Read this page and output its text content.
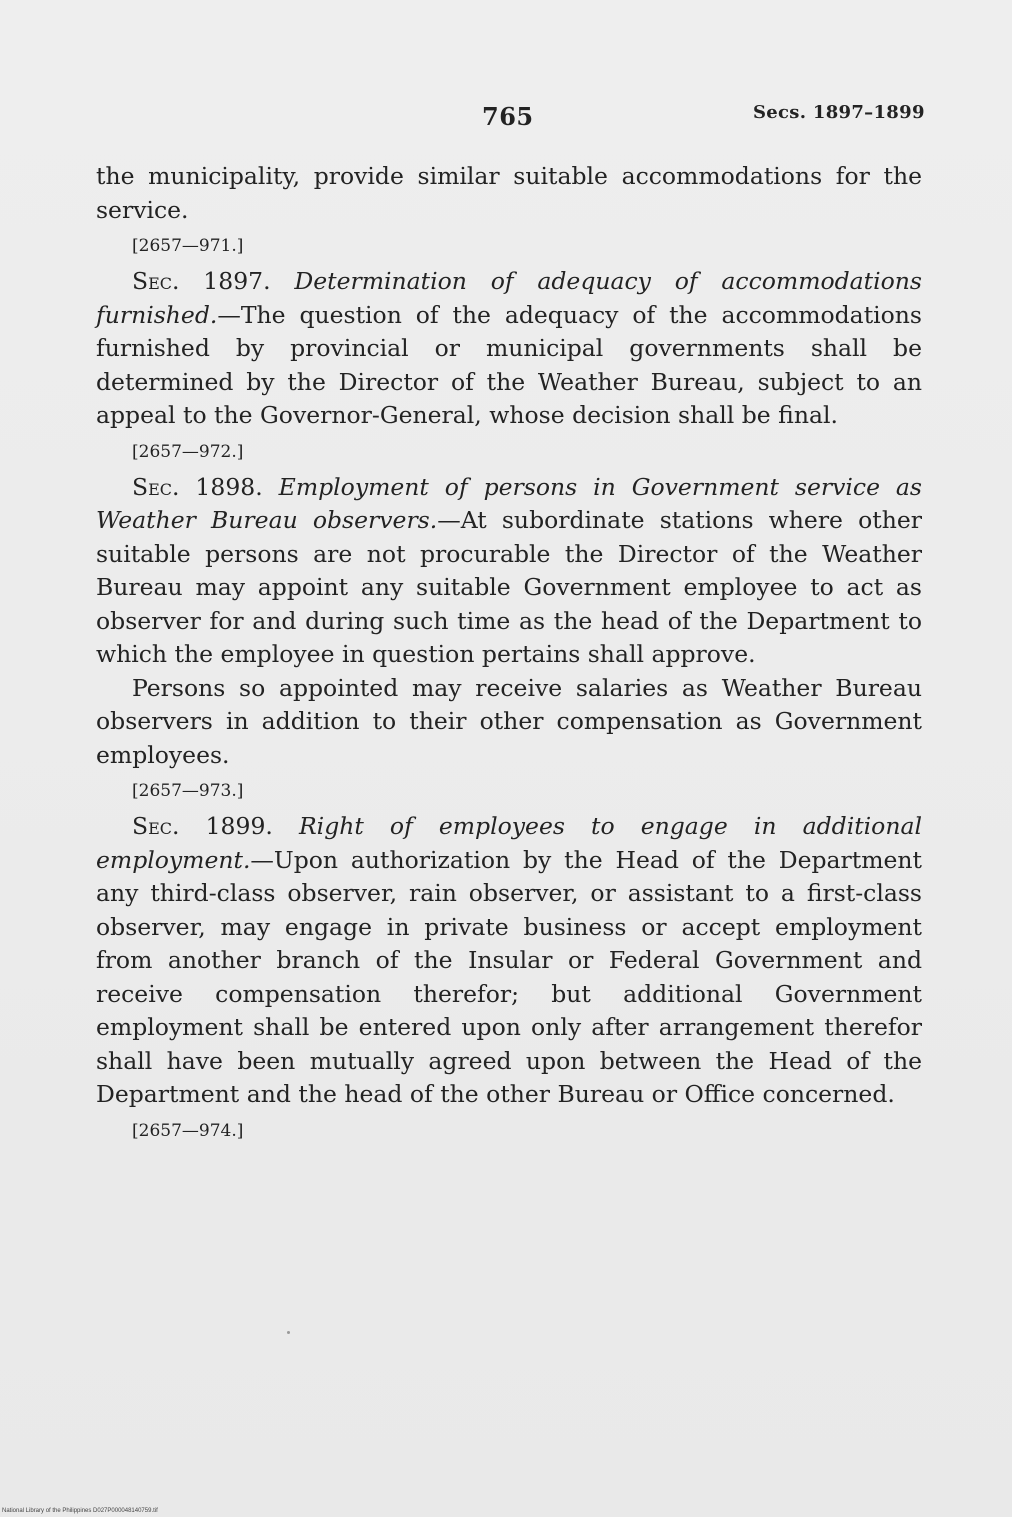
765	Secs. 1897–1899

the municipality, provide similar suitable accommodations for the service.

[2657—971.]

Sec. 1897. Determination of adequacy of accommodations furnished.—The question of the adequacy of the accommodations furnished by provincial or municipal governments shall be determined by the Director of the Weather Bureau, subject to an appeal to the Governor-General, whose decision shall be final.

[2657—972.]

Sec. 1898. Employment of persons in Government service as Weather Bureau observers.—At subordinate stations where other suitable persons are not procurable the Director of the Weather Bureau may appoint any suitable Government employee to act as observer for and during such time as the head of the Department to which the employee in question pertains shall approve.

Persons so appointed may receive salaries as Weather Bureau observers in addition to their other compensation as Government employees.

[2657—973.]

Sec. 1899. Right of employees to engage in additional employment.—Upon authorization by the Head of the Department any third-class observer, rain observer, or assistant to a first-class observer, may engage in private business or accept employment from another branch of the Insular or Federal Government and receive compensation therefor; but additional Government employment shall be entered upon only after arrangement therefor shall have been mutually agreed upon between the Head of the Department and the head of the other Bureau or Office concerned.

[2657—974.]
National Library of the Philippines D027P000048140759.tif
